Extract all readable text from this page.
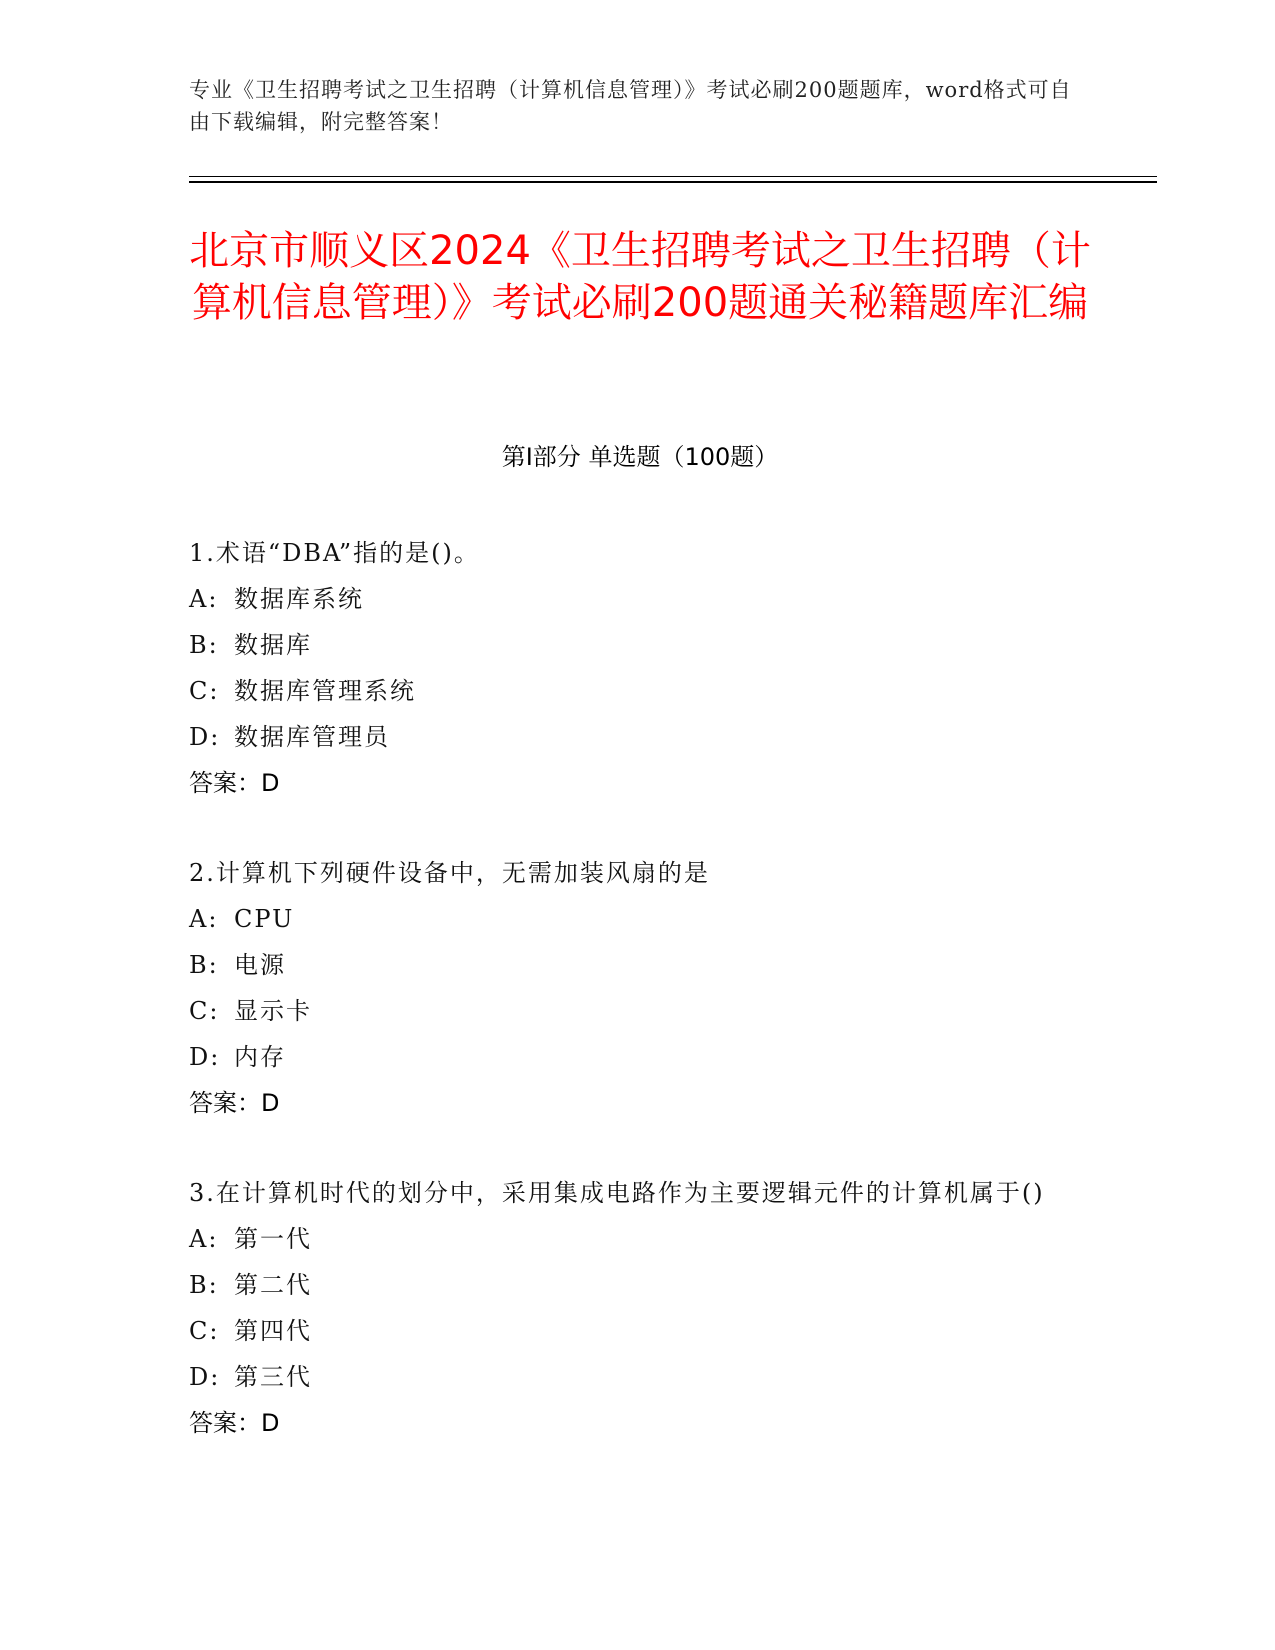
专业《卫生招聘考试之卫生招聘（计算机信息管理）》考试必刷200题题库，word格式可自由下载编辑，附完整答案！
北京市顺义区2024《卫生招聘考试之卫生招聘（计算机信息管理）》考试必刷200题通关秘籍题库汇编
第Ⅰ部分 单选题（100题）
1.术语“DBA”指的是()。
A: 数据库系统
B: 数据库
C: 数据库管理系统
D: 数据库管理员
答案：D
2.计算机下列硬件设备中，无需加装风扇的是
A: CPU
B: 电源
C: 显示卡
D: 内存
答案：D
3.在计算机时代的划分中，采用集成电路作为主要逻辑元件的计算机属于()
A: 第一代
B: 第二代
C: 第四代
D: 第三代
答案：D
